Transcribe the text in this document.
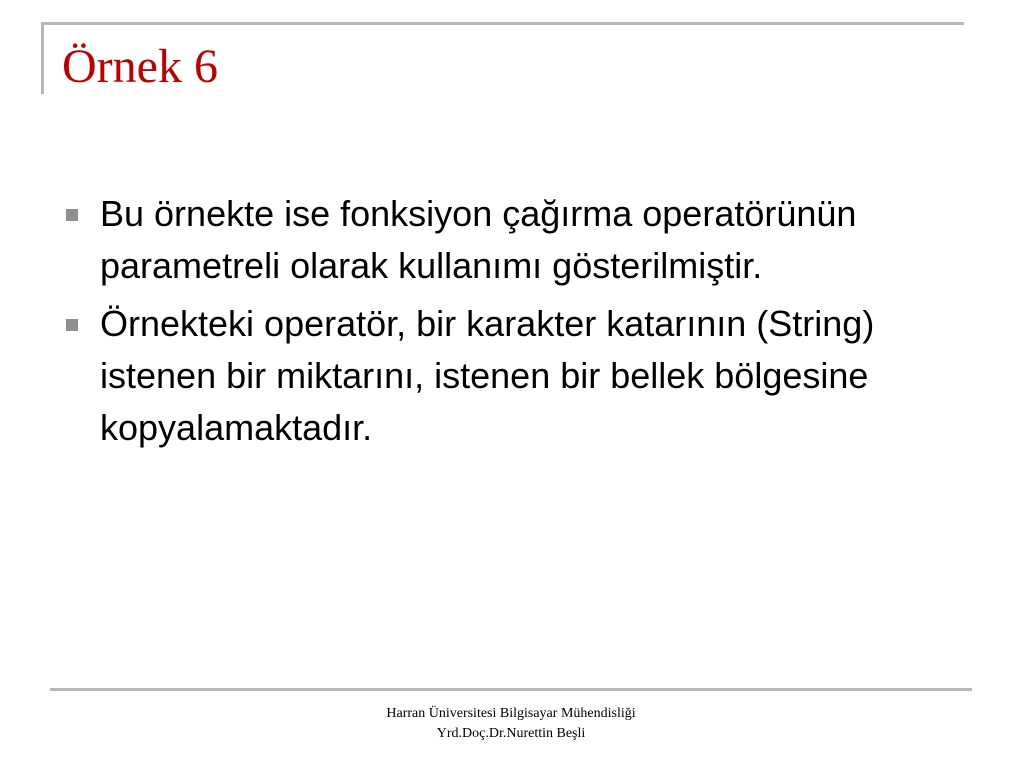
Örnek 6
Bu örnekte ise fonksiyon çağırma operatörünün parametreli olarak kullanımı gösterilmiştir.
Örnekteki operatör, bir karakter katarının (String) istenen bir miktarını, istenen bir bellek bölgesine kopyalamaktadır.
Harran Üniversitesi Bilgisayar Mühendisliği
Yrd.Doç.Dr.Nurettin Beşli
